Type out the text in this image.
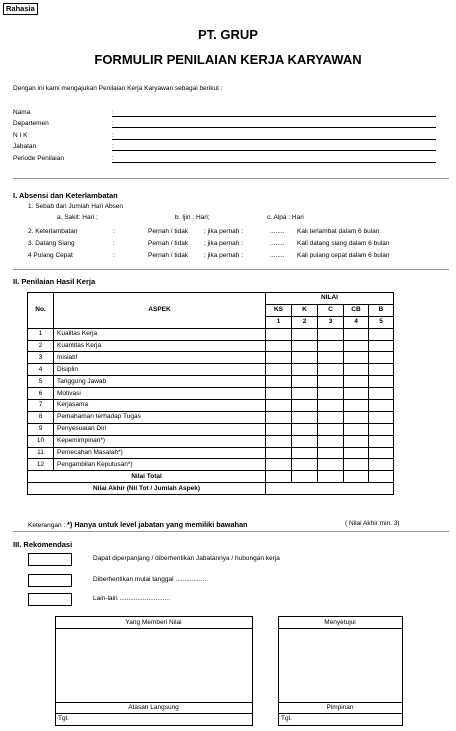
Rahasia
PT. GRUP
FORMULIR PENILAIAN KERJA KARYAWAN
Dengan ini kami mengajukan Penilaian Kerja Karyawan sebagai berikut :
Nama	:
Departemen	:
N I K	:
Jabatan	:
Periode Penilaian	:
I. Absensi dan Keterlambatan
1. Sebab dan Jumlah Hari Absen
a. Sakit: Hari ;	b. Ijin : Hari;	c. Alpa : Hari
2. Keterlambatan	:	Pernah / tidak ; jika pernah :	........ Kali terlambat dalam 6 bulan
3. Datang Siang	:	Pernah / tidak ; jika pernah :	........ Kali datang siang dalam 6 bulan
4 Pulang Cepat	:	Pernah / tidak ; jika pernah :	........ Kali pulang cepat dalam 6 bulan
II. Penilaian Hasil Kerja
No.	ASPEK	NILAI				
		KS	K	C	CB	B
		1	2	3	4	5
1	Kualitas Kerja					
2	Kuantitas Kerja					
3	Inisiatif					
4	Disiplin					
5	Tanggung Jawab					
6	Motivasi					
7	Kerjasama					
8	Pemahaman terhadap Tugas					
9	Penyesuaian Diri					
10	Kepemimpinan*)					
11	Pemecahan Masalah*)					
12	Pengambilan Keputusan*)					
Nilai Total						
Nilai Akhir (Nil Tot / Jumlah Aspek)						
Keterangan : *) Hanya untuk level jabatan yang memiliki bawahan	( Nilai Akhir min. 3)
III. Rekomendasi
Dapat diperpanjang / diberhentikan Jabatannya / hubungan kerja
Diberhentikan mulai tanggal ..................
Lain-lain ............................
Yang Memberi Nilai
Atasan Langsung
Tgl.
Menyetujui
Pimpinan
Tgl.
